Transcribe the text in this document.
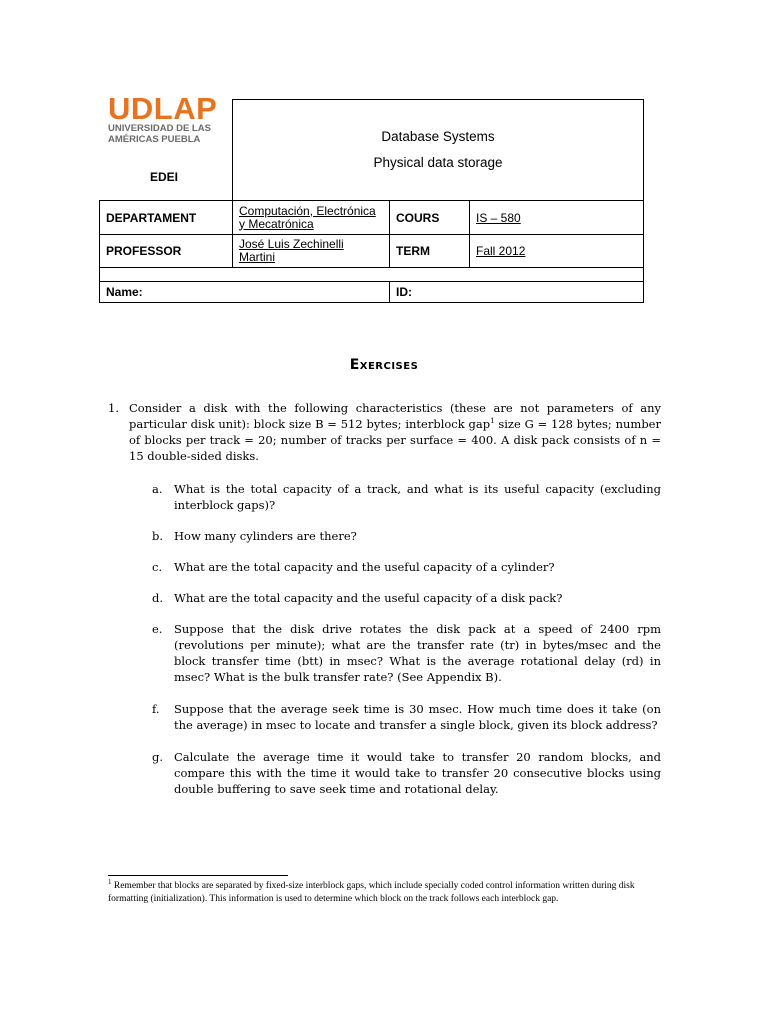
UDLAP
UNIVERSIDAD DE LAS
AMÉRICAS PUEBLA
EDEI

	Database Systems
Physical data storage		

DEPARTAMENT	Computación, Electrónica y Mecatrónica	COURS	IS – 580
PROFESSOR	José Luis Zechinelli Martini	TERM	Fall 2012

Name:		ID:	
Exercises
1. Consider a disk with the following characteristics (these are not parameters of any particular disk unit): block size B = 512 bytes; interblock gap$^1$ size G = 128 bytes; number of blocks per track = 20; number of tracks per surface = 400. A disk pack consists of n = 15 double-sided disks.
a. What is the total capacity of a track, and what is its useful capacity (excluding interblock gaps)?
b. How many cylinders are there?
c. What are the total capacity and the useful capacity of a cylinder?
d. What are the total capacity and the useful capacity of a disk pack?
e. Suppose that the disk drive rotates the disk pack at a speed of 2400 rpm (revolutions per minute); what are the transfer rate (tr) in bytes/msec and the block transfer time (btt) in msec? What is the average rotational delay (rd) in msec? What is the bulk transfer rate? (See Appendix B).
f. Suppose that the average seek time is 30 msec. How much time does it take (on the average) in msec to locate and transfer a single block, given its block address?
g. Calculate the average time it would take to transfer 20 random blocks, and compare this with the time it would take to transfer 20 consecutive blocks using double buffering to save seek time and rotational delay.
$^1$ Remember that blocks are separated by fixed-size interblock gaps, which include specially coded control information written during disk formatting (initialization). This information is used to determine which block on the track follows each interblock gap.
